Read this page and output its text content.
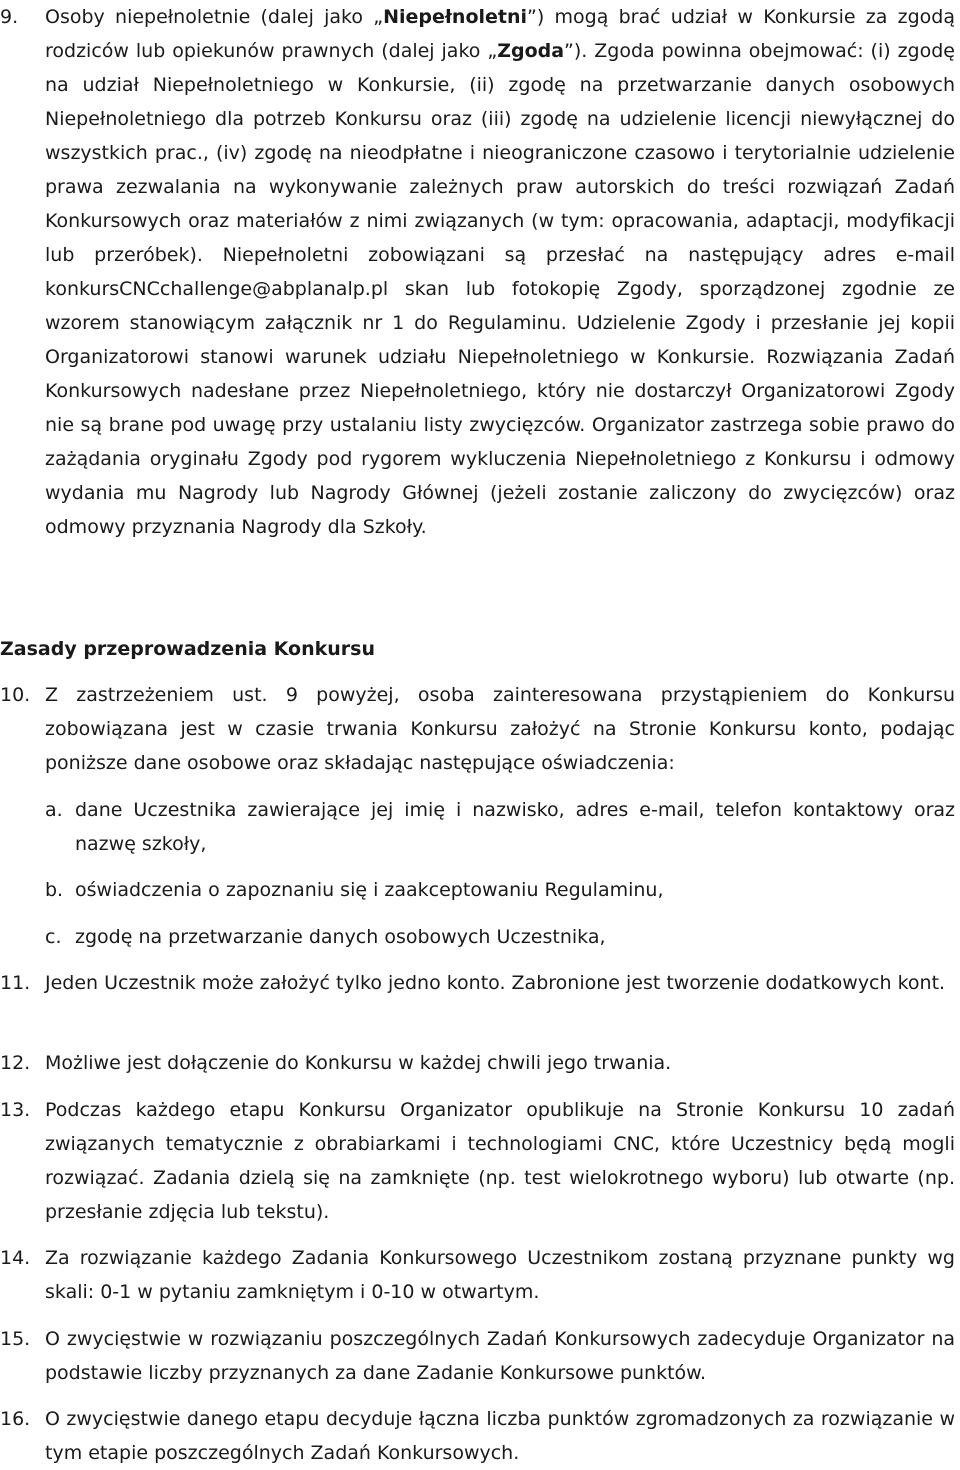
9.	Osoby niepełnoletnie (dalej jako „Niepełnoletni”) mogą brać udział w Konkursie za zgodą rodziców lub opiekunów prawnych (dalej jako „Zgoda”). Zgoda powinna obejmować: (i) zgodę na udział Niepełnoletniego w Konkursie, (ii) zgodę na przetwarzanie danych osobowych Niepełnoletniego dla potrzeb Konkursu oraz (iii) zgodę na udzielenie licencji niewyłącznej do wszystkich prac., (iv) zgodę na nieodpłatne i nieograniczone czasowo i terytorialnie udzielenie prawa zezwalania na wykonywanie zależnych praw autorskich do treści rozwiązań Zadań Konkursowych oraz materiałów z nimi związanych (w tym: opracowania, adaptacji, modyfikacji lub przeróbek). Niepełnoletni zobowiązani są przesłać na następujący adres e-mail konkursCNCchallenge@abplanalp.pl skan lub fotokopię Zgody, sporządzonej zgodnie ze wzorem stanowiącym załącznik nr 1 do Regulaminu. Udzielenie Zgody i przesłanie jej kopii Organizatorowi stanowi warunek udziału Niepełnoletniego w Konkursie. Rozwiązania Zadań Konkursowych nadesłane przez Niepełnoletniego, który nie dostarczył Organizatorowi Zgody nie są brane pod uwagę przy ustalaniu listy zwycięzców. Organizator zastrzega sobie prawo do zażądania oryginału Zgody pod rygorem wykluczenia Niepełnoletniego z Konkursu i odmowy wydania mu Nagrody lub Nagrody Głównej (jeżeli zostanie zaliczony do zwycięzców) oraz odmowy przyznania Nagrody dla Szkoły.

Zasady przeprowadzenia Konkursu

10. Z zastrzeżeniem ust. 9 powyżej, osoba zainteresowana przystąpieniem do Konkursu zobowiązana jest w czasie trwania Konkursu założyć na Stronie Konkursu konto, podając poniższe dane osobowe oraz składając następujące oświadczenia:

a. dane Uczestnika zawierające jej imię i nazwisko, adres e-mail, telefon kontaktowy oraz nazwę szkoły,
b. oświadczenia o zapoznaniu się i zaakceptowaniu Regulaminu,
c. zgodę na przetwarzanie danych osobowych Uczestnika,

11. Jeden Uczestnik może założyć tylko jedno konto. Zabronione jest tworzenie dodatkowych kont.

12. Możliwe jest dołączenie do Konkursu w każdej chwili jego trwania.

13. Podczas każdego etapu Konkursu Organizator opublikuje na Stronie Konkursu 10 zadań związanych tematycznie z obrabiarkami i technologiami CNC, które Uczestnicy będą mogli rozwiązać. Zadania dzielą się na zamknięte (np. test wielokrotnego wyboru) lub otwarte (np. przesłanie zdjęcia lub tekstu).

14. Za rozwiązanie każdego Zadania Konkursowego Uczestnikom zostaną przyznane punkty wg skali: 0-1 w pytaniu zamkniętym i 0-10 w otwartym.

15. O zwycięstwie w rozwiązaniu poszczególnych Zadań Konkursowych zadecyduje Organizator na podstawie liczby przyznanych za dane Zadanie Konkursowe punktów.

16. O zwycięstwie danego etapu decyduje łączna liczba punktów zgromadzonych za rozwiązanie w tym etapie poszczególnych Zadań Konkursowych.
